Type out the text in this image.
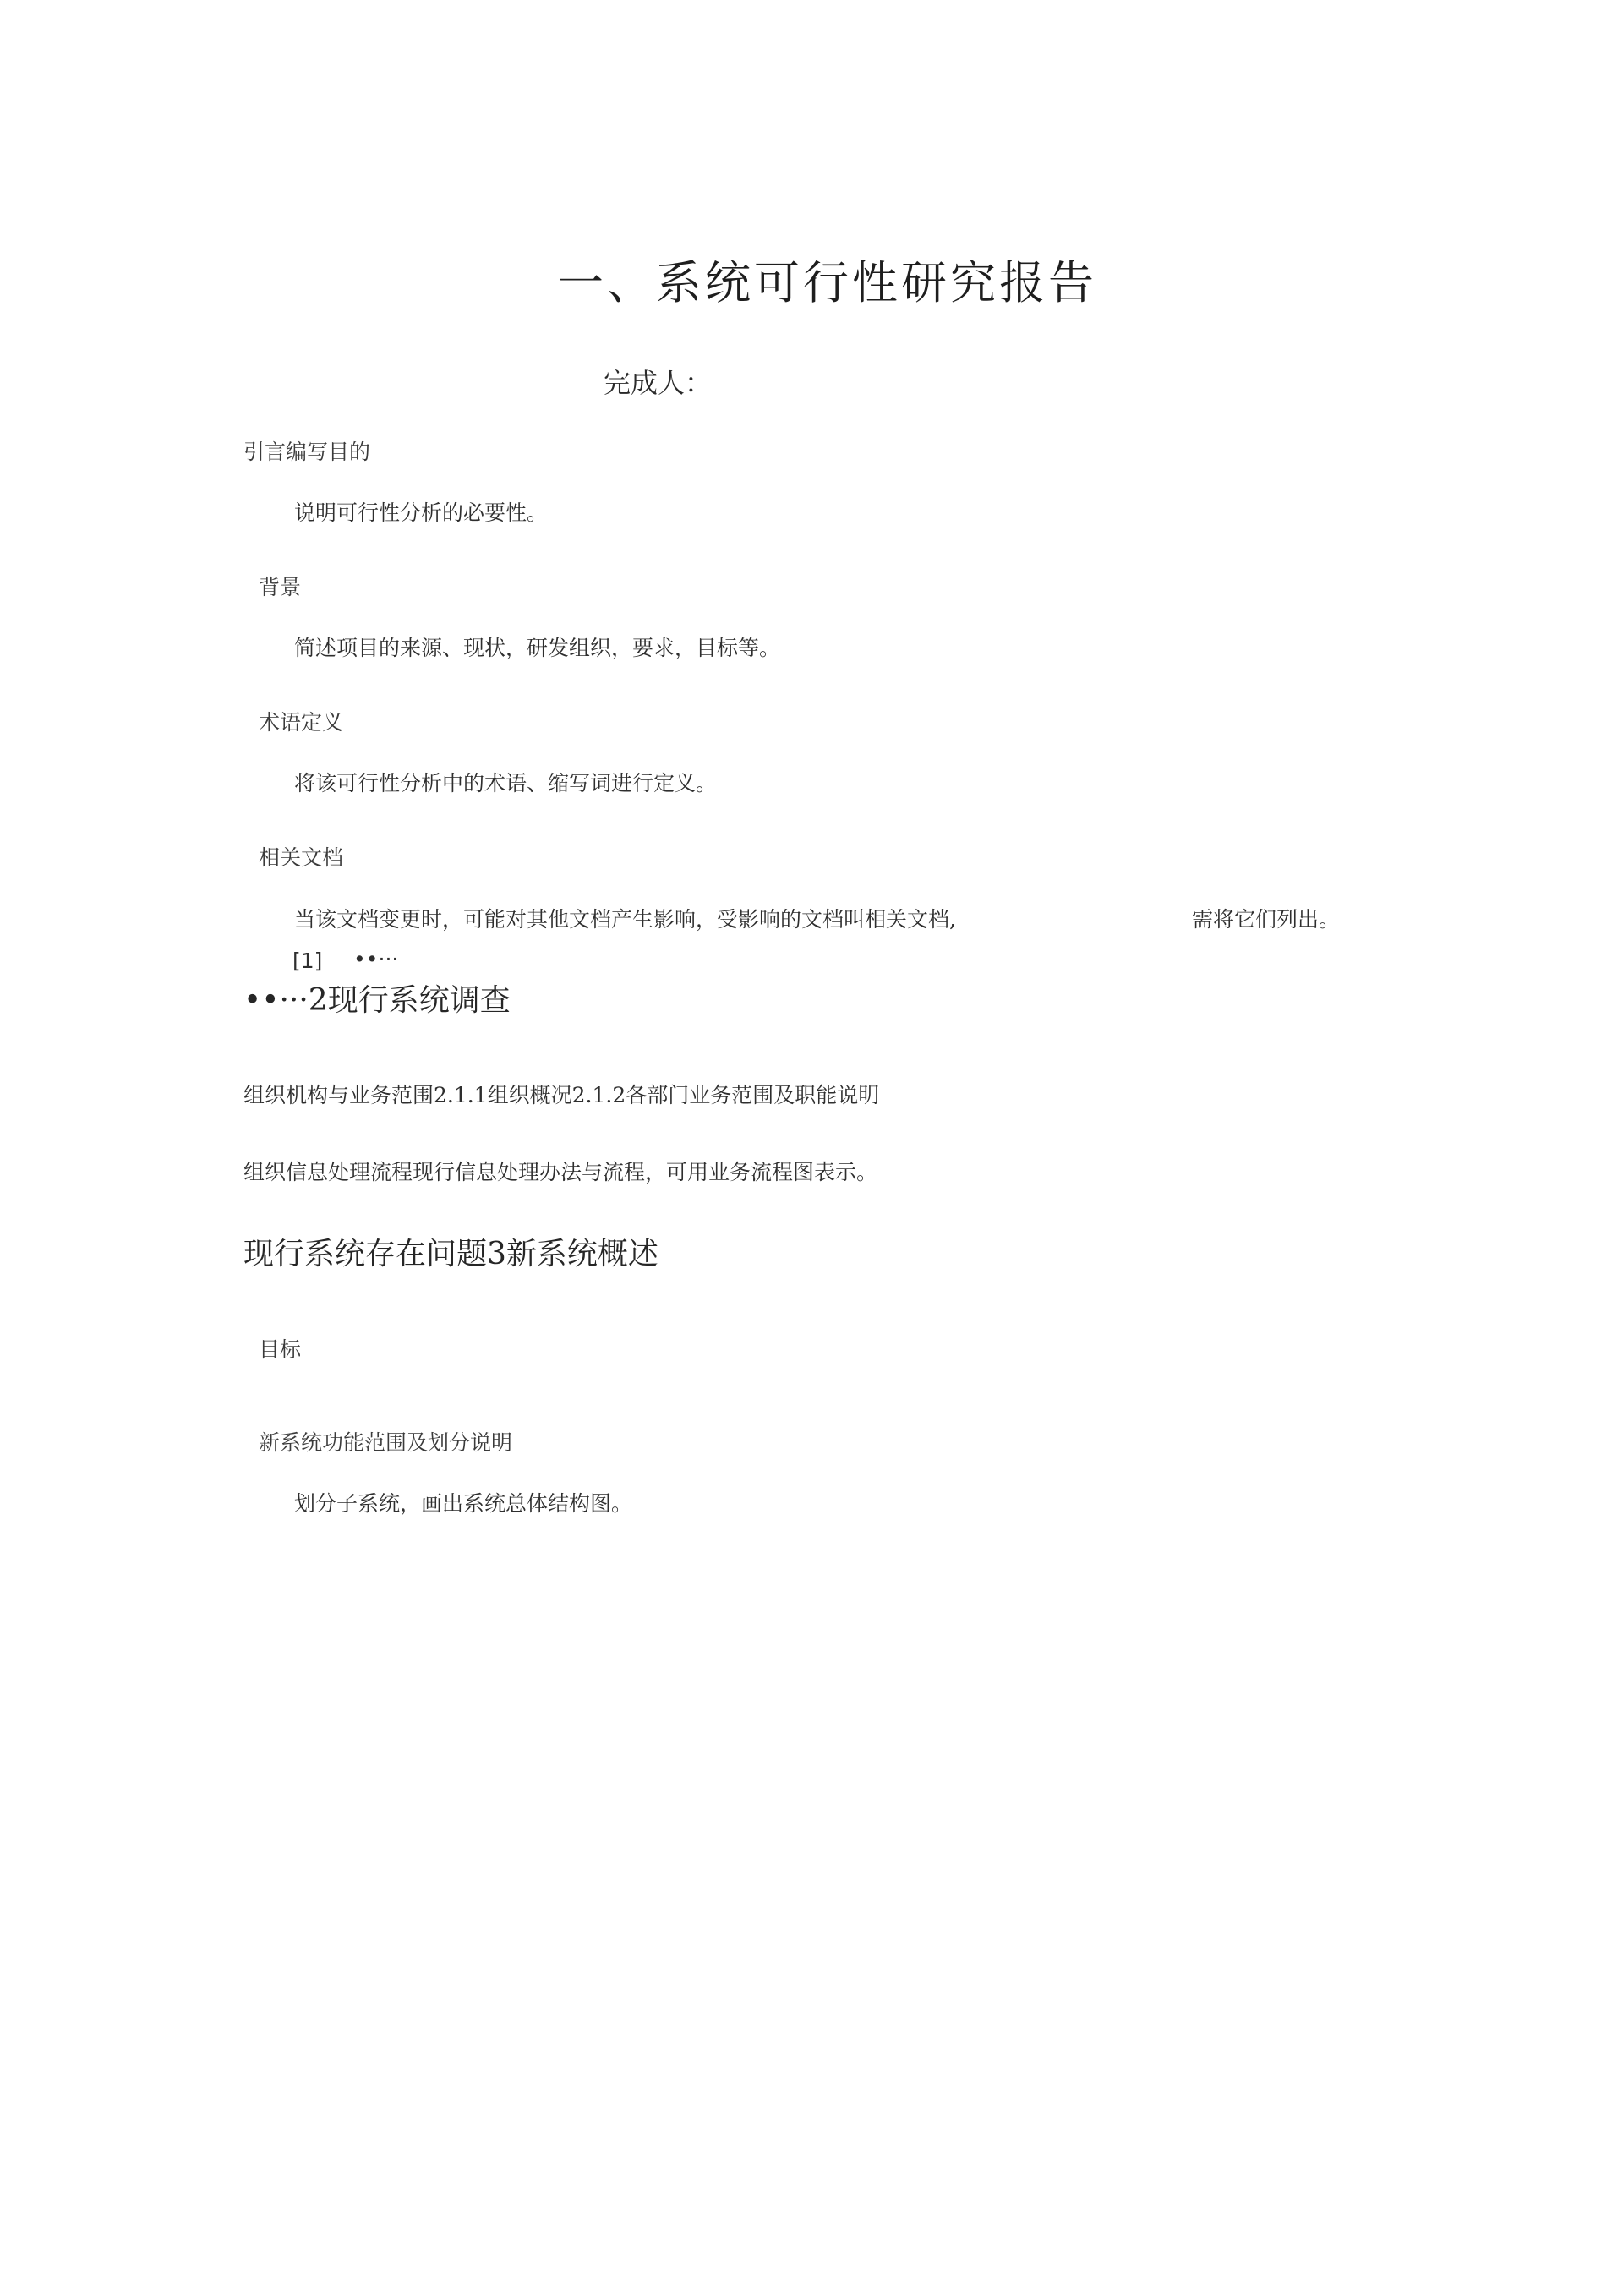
一、系统可行性研究报告
完成人：
引言编写目的
说明可行性分析的必要性。
背景
简述项目的来源、现状，研发组织，要求，目标等。
术语定义
将该可行性分析中的术语、缩写词进行定义。
相关文档
当该文档变更时，可能对其他文档产生影响，受影响的文档叫相关文档,	需将它们列出。
[1] ••···
••···2现行系统调查
组织机构与业务范围2.1.1组织概况2.1.2各部门业务范围及职能说明
组织信息处理流程现行信息处理办法与流程，可用业务流程图表示。
现行系统存在问题3新系统概述
目标
新系统功能范围及划分说明
划分子系统，画出系统总体结构图。
